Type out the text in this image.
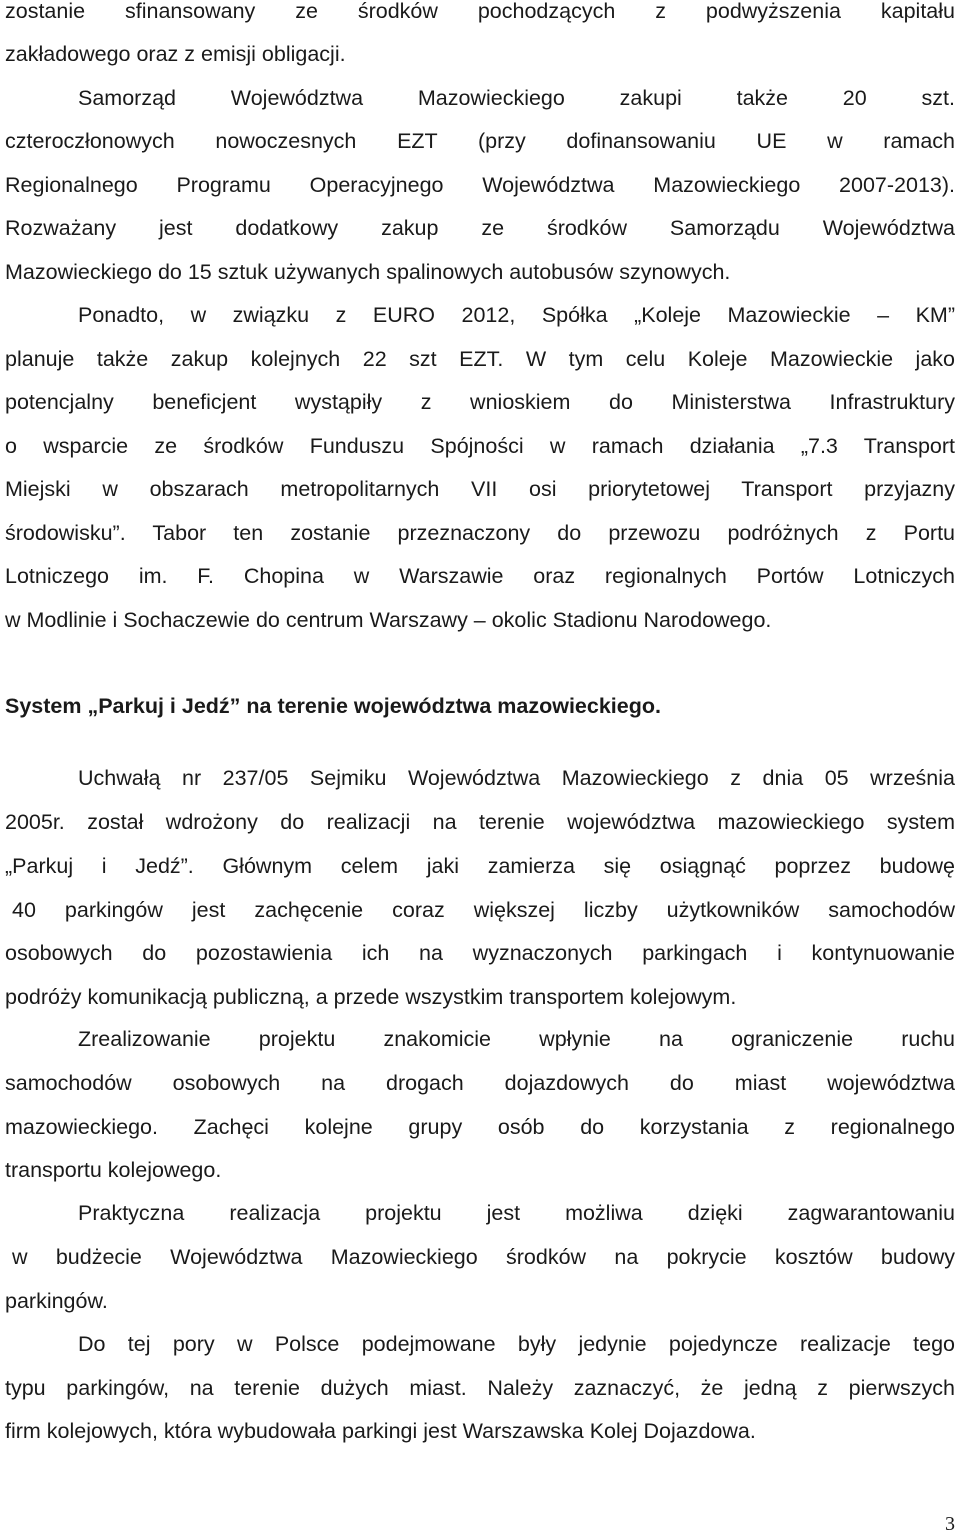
zostanie sfinansowany ze środków pochodzących z podwyższenia kapitału
zakładowego oraz z emisji obligacji.
Samorząd Województwa Mazowieckiego zakupi także 20 szt.
czteroczłonowych nowoczesnych EZT (przy dofinansowaniu UE w ramach
Regionalnego Programu Operacyjnego Województwa Mazowieckiego 2007-2013).
Rozważany jest dodatkowy zakup ze środków Samorządu Województwa
Mazowieckiego do 15 sztuk używanych spalinowych autobusów szynowych.
Ponadto, w związku z EURO 2012, Spółka „Koleje Mazowieckie – KM”
planuje także zakup kolejnych 22 szt EZT. W tym celu Koleje Mazowieckie jako
potencjalny beneficjent wystąpiły z wnioskiem do Ministerstwa Infrastruktury
o wsparcie ze środków Funduszu Spójności w ramach działania „7.3 Transport
Miejski w obszarach metropolitarnych VII osi priorytetowej Transport przyjazny
środowisku”. Tabor ten zostanie przeznaczony do przewozu podróżnych z Portu
Lotniczego im. F. Chopina w Warszawie oraz regionalnych Portów Lotniczych
w Modlinie i Sochaczewie do centrum Warszawy – okolic Stadionu Narodowego.
System „Parkuj i Jedź” na terenie województwa mazowieckiego.
Uchwałą nr 237/05 Sejmiku Województwa Mazowieckiego z dnia 05 września
2005r. został wdrożony do realizacji na terenie województwa mazowieckiego system
„Parkuj i Jedź”. Głównym celem jaki zamierza się osiągnąć poprzez budowę
40 parkingów jest zachęcenie coraz większej liczby użytkowników samochodów
osobowych do pozostawienia ich na wyznaczonych parkingach i kontynuowanie
podróży komunikacją publiczną, a przede wszystkim transportem kolejowym.
Zrealizowanie projektu znakomicie wpłynie na ograniczenie ruchu
samochodów osobowych na drogach dojazdowych do miast województwa
mazowieckiego. Zachęci kolejne grupy osób do korzystania z regionalnego
transportu kolejowego.
Praktyczna realizacja projektu jest możliwa dzięki zagwarantowaniu
w budżecie Województwa Mazowieckiego środków na pokrycie kosztów budowy
parkingów.
Do tej pory w Polsce podejmowane były jedynie pojedyncze realizacje tego
typu parkingów, na terenie dużych miast. Należy zaznaczyć, że jedną z pierwszych
firm kolejowych, która wybudowała parkingi jest Warszawska Kolej Dojazdowa.
3
